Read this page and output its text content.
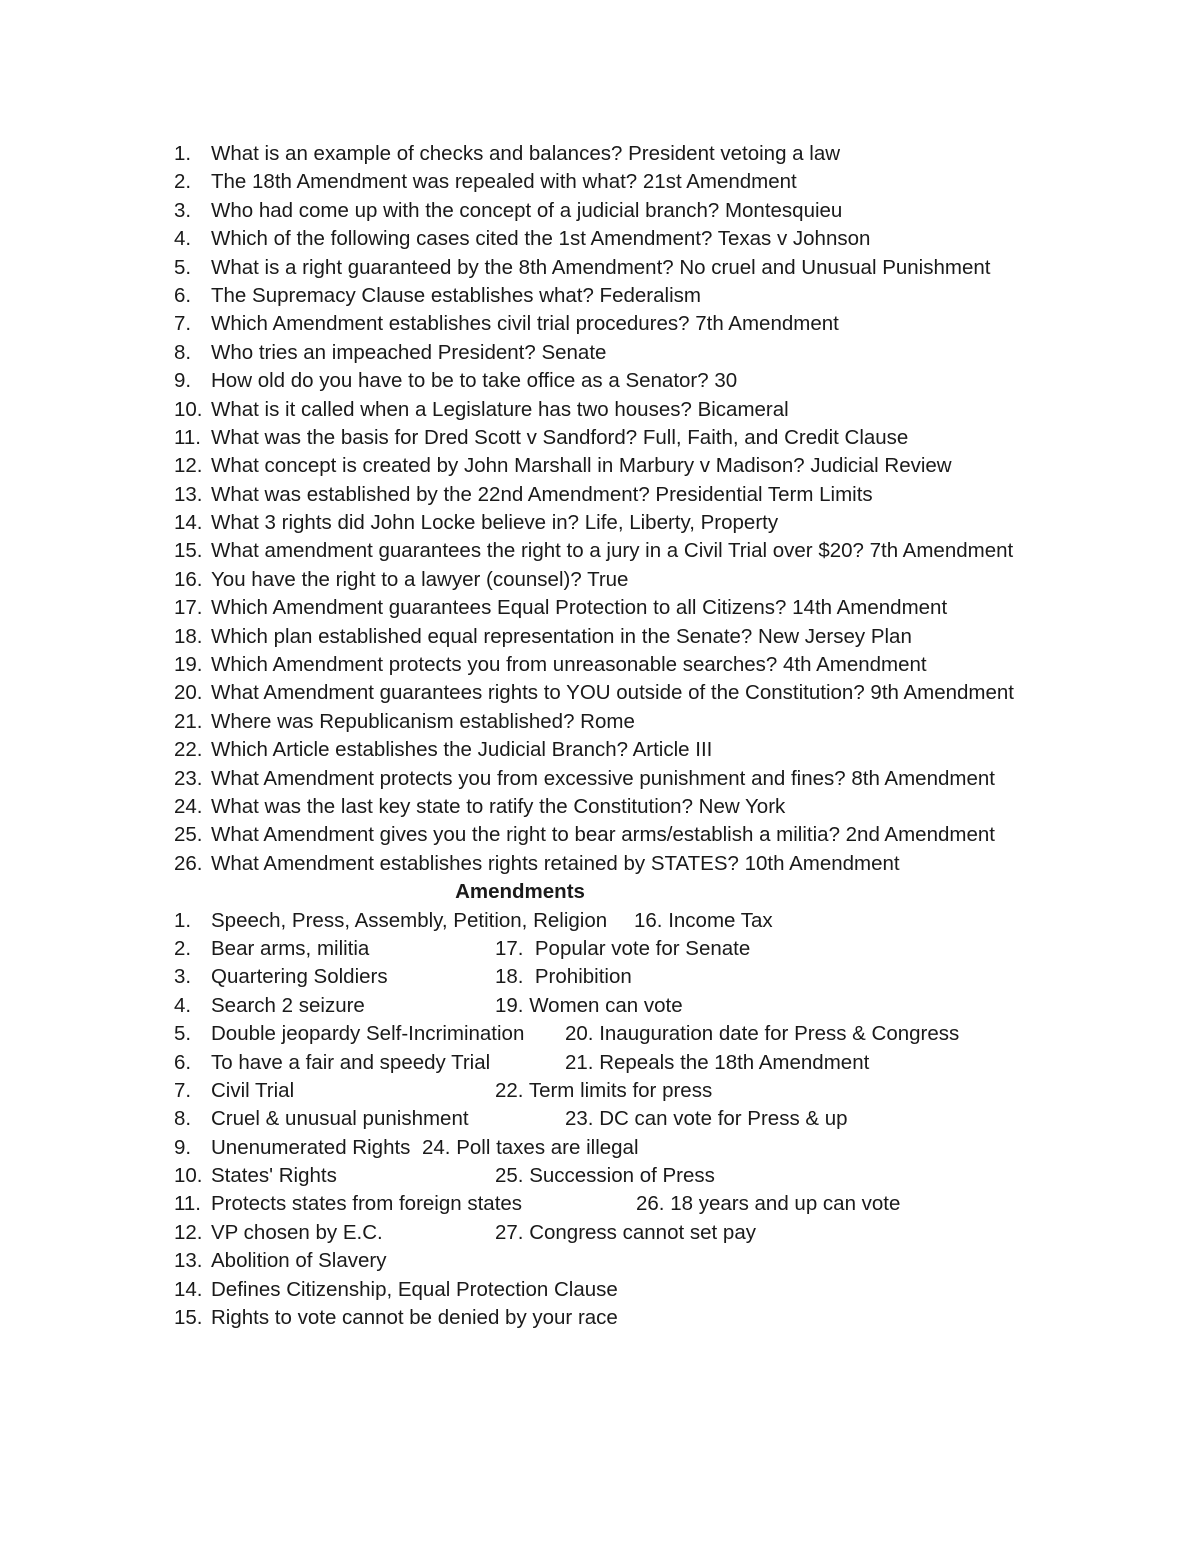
1. What is an example of checks and balances? President vetoing a law
2. The 18th Amendment was repealed with what? 21st Amendment
3. Who had come up with the concept of a judicial branch? Montesquieu
4. Which of the following cases cited the 1st Amendment? Texas v Johnson
5. What is a right guaranteed by the 8th Amendment? No cruel and Unusual Punishment
6. The Supremacy Clause establishes what? Federalism
7. Which Amendment establishes civil trial procedures? 7th Amendment
8. Who tries an impeached President? Senate
9. How old do you have to be to take office as a Senator? 30
10. What is it called when a Legislature has two houses? Bicameral
11. What was the basis for Dred Scott v Sandford? Full, Faith, and Credit Clause
12. What concept is created by John Marshall in Marbury v Madison? Judicial Review
13. What was established by the 22nd Amendment? Presidential Term Limits
14. What 3 rights did John Locke believe in? Life, Liberty, Property
15. What amendment guarantees the right to a jury in a Civil Trial over $20? 7th Amendment
16. You have the right to a lawyer (counsel)? True
17. Which Amendment guarantees Equal Protection to all Citizens? 14th Amendment
18. Which plan established equal representation in the Senate? New Jersey Plan
19. Which Amendment protects you from unreasonable searches? 4th Amendment
20. What Amendment guarantees rights to YOU outside of the Constitution? 9th Amendment
21. Where was Republicanism established? Rome
22. Which Article establishes the Judicial Branch? Article III
23. What Amendment protects you from excessive punishment and fines? 8th Amendment
24. What was the last key state to ratify the Constitution? New York
25. What Amendment gives you the right to bear arms/establish a militia? 2nd Amendment
26. What Amendment establishes rights retained by STATES? 10th Amendment
Amendments
1. Speech, Press, Assembly, Petition, Religion 16. Income Tax
2. Bear arms, militia	17.  Popular vote for Senate
3. Quartering Soldiers	18.  Prohibition
4. Search 2 seizure	19. Women can vote
5. Double jeopardy Self-Incrimination 20. Inauguration date for Press & Congress
6. To have a fair and speedy Trial	21. Repeals the 18th Amendment
7. Civil Trial	22. Term limits for press
8. Cruel & unusual punishment	23. DC can vote for Press & up
9. Unenumerated Rights 24. Poll taxes are illegal
10. States' Rights	25. Succession of Press
11. Protects states from foreign states	26. 18 years and up can vote
12. VP chosen by E.C.	27. Congress cannot set pay
13. Abolition of Slavery
14. Defines Citizenship, Equal Protection Clause
15. Rights to vote cannot be denied by your race
